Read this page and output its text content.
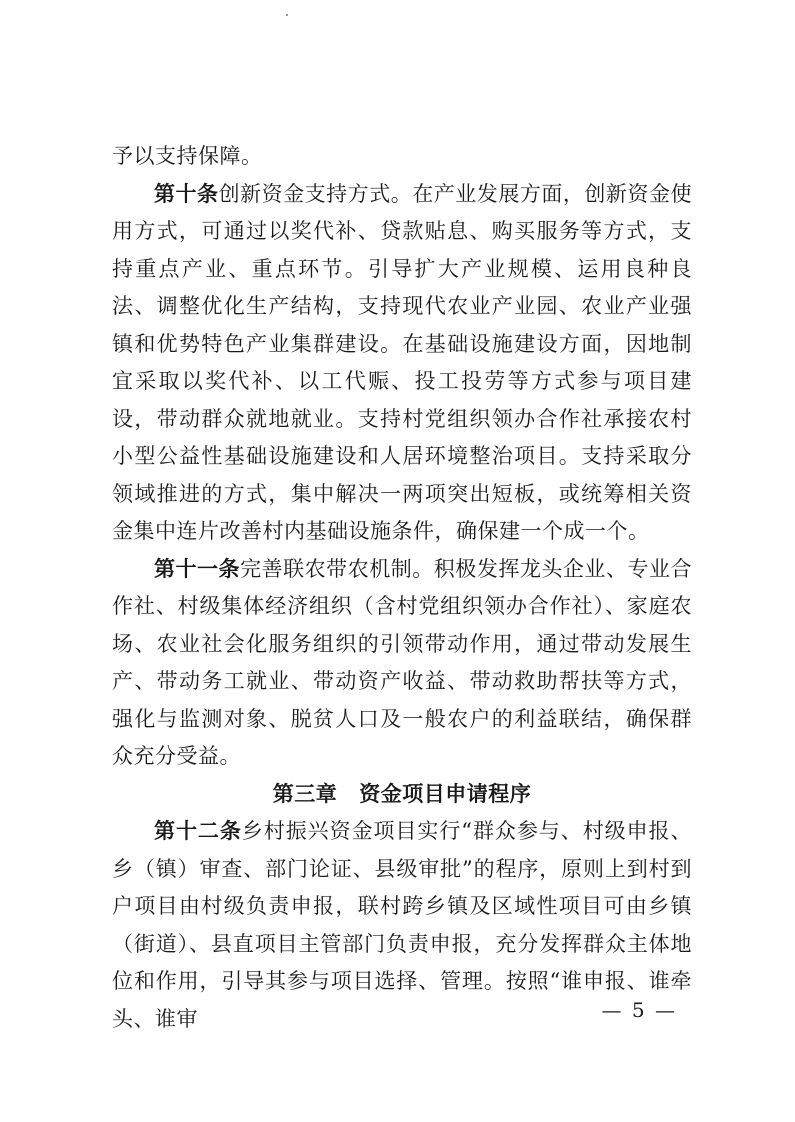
予以支持保障。

第十条创新资金支持方式。在产业发展方面，创新资金使用方式，可通过以奖代补、贷款贴息、购买服务等方式，支持重点产业、重点环节。引导扩大产业规模、运用良种良法、调整优化生产结构，支持现代农业产业园、农业产业强镇和优势特色产业集群建设。在基础设施建设方面，因地制宜采取以奖代补、以工代赈、投工投劳等方式参与项目建设，带动群众就地就业。支持村党组织领办合作社承接农村小型公益性基础设施建设和人居环境整治项目。支持采取分领域推进的方式，集中解决一两项突出短板，或统筹相关资金集中连片改善村内基础设施条件，确保建一个成一个。

第十一条完善联农带农机制。积极发挥龙头企业、专业合作社、村级集体经济组织（含村党组织领办合作社）、家庭农场、农业社会化服务组织的引领带动作用，通过带动发展生产、带动务工就业、带动资产收益、带动救助帮扶等方式，强化与监测对象、脱贫人口及一般农户的利益联结，确保群众充分受益。

第三章 资金项目申请程序

第十二条乡村振兴资金项目实行“群众参与、村级申报、乡（镇）审查、部门论证、县级审批”的程序，原则上到村到户项目由村级负责申报，联村跨乡镇及区域性项目可由乡镇（街道）、县直项目主管部门负责申报，充分发挥群众主体地位和作用，引导其参与项目选择、管理。按照“谁申报、谁牵头、谁审	— 5 —
